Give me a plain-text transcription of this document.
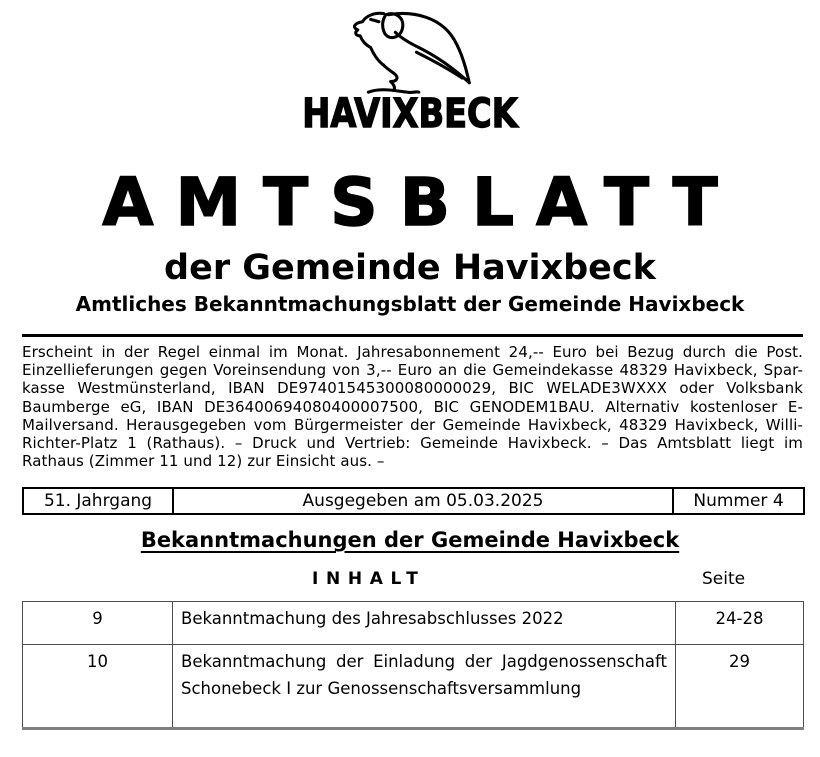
HAVIXBECK
AMTSBLATT
der Gemeinde Havixbeck
Amtliches Bekanntmachungsblatt der Gemeinde Havixbeck
Erscheint in der Regel einmal im Monat. Jahresabonnement 24,-- Euro bei Bezug durch die Post.
Einzellieferungen gegen Voreinsendung von 3,-- Euro an die Gemeindekasse 48329 Havixbeck, Spar-
kasse Westmünsterland, IBAN DE97401545300080000029, BIC WELADE3WXXX oder Volksbank
Baumberge eG, IBAN DE36400694080400007500, BIC GENODEM1BAU. Alternativ kostenloser E-
Mailversand. Herausgegeben vom Bürgermeister der Gemeinde Havixbeck, 48329 Havixbeck, Willi-
Richter-Platz 1 (Rathaus). – Druck und Vertrieb: Gemeinde Havixbeck. – Das Amtsblatt liegt im
Rathaus (Zimmer 11 und 12) zur Einsicht aus. –
51. Jahrgang	Ausgegeben am 05.03.2025	Nummer 4
Bekanntmachungen der Gemeinde Havixbeck
INHALT	Seite
9	Bekanntmachung des Jahresabschlusses 2022	24-28
10	Bekanntmachung der Einladung der Jagdgenossenschaft Schonebeck I zur Genossenschaftsversammlung	29
